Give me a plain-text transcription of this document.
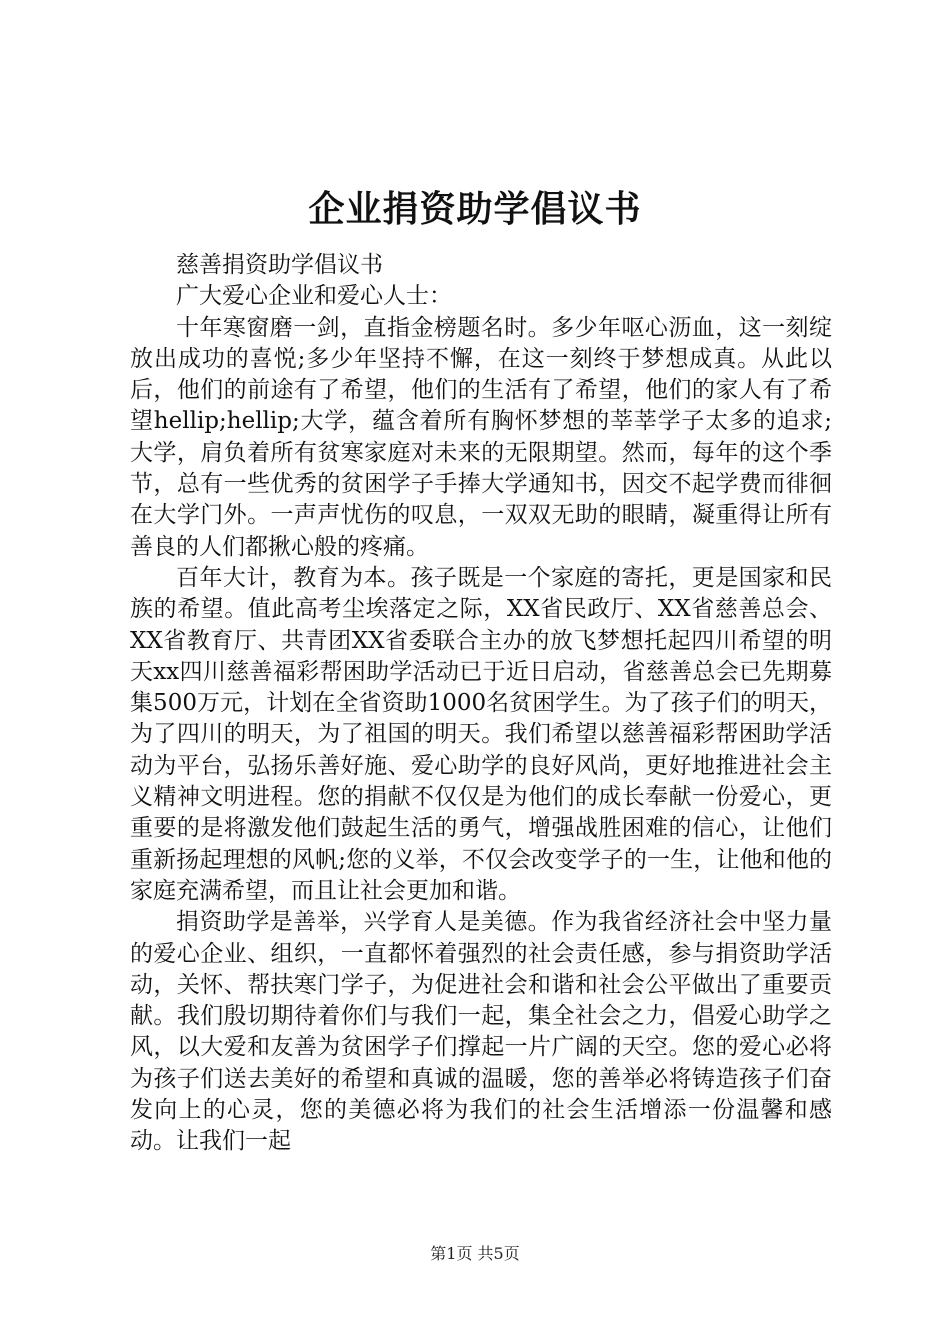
企业捐资助学倡议书

慈善捐资助学倡议书

广大爱心企业和爱心人士：

十年寒窗磨一剑，直指金榜题名时。多少年呕心沥血，这一刻绽放出成功的喜悦;多少年坚持不懈，在这一刻终于梦想成真。从此以后，他们的前途有了希望，他们的生活有了希望，他们的家人有了希望hellip;hellip;大学，蕴含着所有胸怀梦想的莘莘学子太多的追求;大学，肩负着所有贫寒家庭对未来的无限期望。然而，每年的这个季节，总有一些优秀的贫困学子手捧大学通知书，因交不起学费而徘徊在大学门外。一声声忧伤的叹息，一双双无助的眼睛，凝重得让所有善良的人们都揪心般的疼痛。

百年大计，教育为本。孩子既是一个家庭的寄托，更是国家和民族的希望。值此高考尘埃落定之际，XX省民政厅、XX省慈善总会、XX省教育厅、共青团XX省委联合主办的放飞梦想托起四川希望的明天xx四川慈善福彩帮困助学活动已于近日启动，省慈善总会已先期募集500万元，计划在全省资助1000名贫困学生。为了孩子们的明天，为了四川的明天，为了祖国的明天。我们希望以慈善福彩帮困助学活动为平台，弘扬乐善好施、爱心助学的良好风尚，更好地推进社会主义精神文明进程。您的捐献不仅仅是为他们的成长奉献一份爱心，更重要的是将激发他们鼓起生活的勇气，增强战胜困难的信心，让他们重新扬起理想的风帆;您的义举，不仅会改变学子的一生，让他和他的家庭充满希望，而且让社会更加和谐。

捐资助学是善举，兴学育人是美德。作为我省经济社会中坚力量的爱心企业、组织，一直都怀着强烈的社会责任感，参与捐资助学活动，关怀、帮扶寒门学子，为促进社会和谐和社会公平做出了重要贡献。我们殷切期待着你们与我们一起，集全社会之力，倡爱心助学之风，以大爱和友善为贫困学子们撑起一片广阔的天空。您的爱心必将为孩子们送去美好的希望和真诚的温暖，您的善举必将铸造孩子们奋发向上的心灵，您的美德必将为我们的社会生活增添一份温馨和感动。让我们一起

第1页 共5页
